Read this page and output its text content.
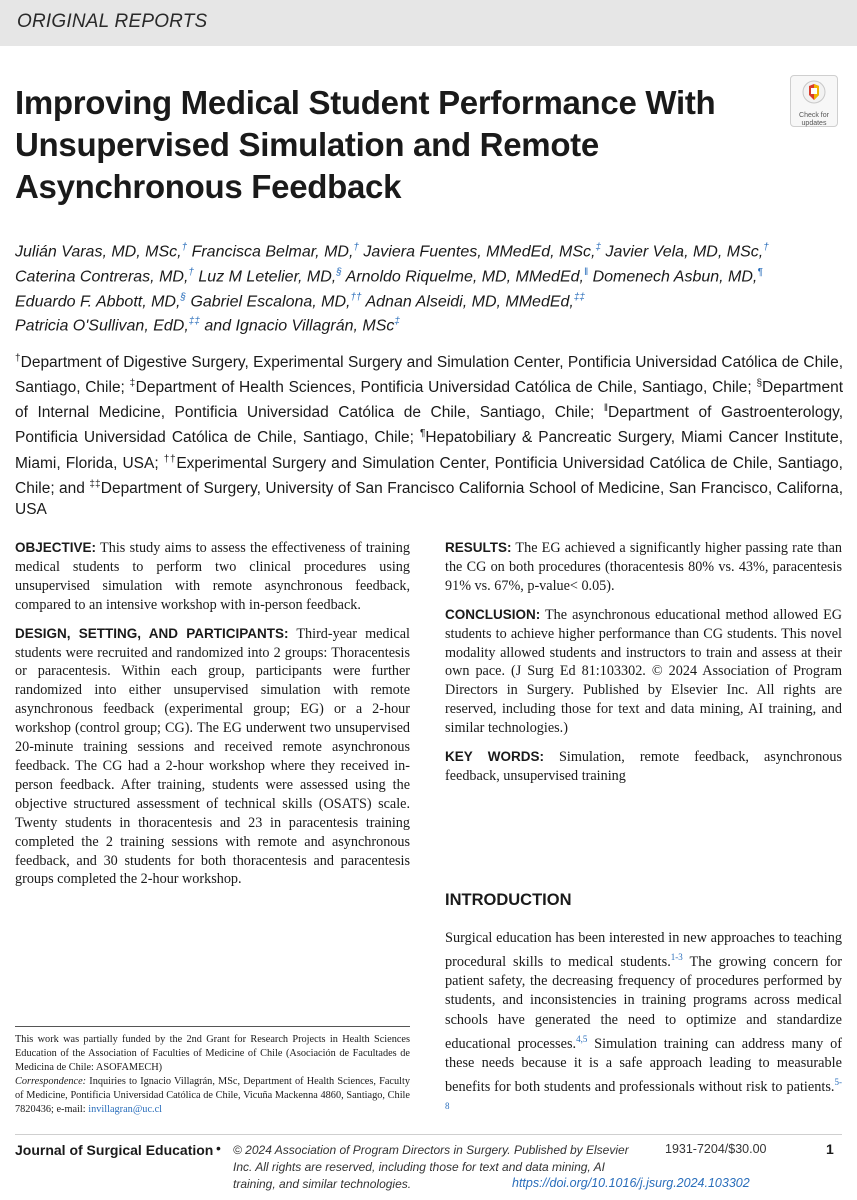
ORIGINAL REPORTS
Improving Medical Student Performance With Unsupervised Simulation and Remote Asynchronous Feedback
Check for
updates
Julián Varas, MD, MSc,† Francisca Belmar, MD,† Javiera Fuentes, MMedEd, MSc,‡ Javier Vela, MD, MSc,†
Caterina Contreras, MD,† Luz M Letelier, MD,§ Arnoldo Riquelme, MD, MMedEd,‖ Domenech Asbun, MD,¶
Eduardo F. Abbott, MD,§ Gabriel Escalona, MD,†† Adnan Alseidi, MD, MMedEd,‡‡
Patricia O'Sullivan, EdD,‡‡ and Ignacio Villagrán, MSc‡
†Department of Digestive Surgery, Experimental Surgery and Simulation Center, Pontificia Universidad Católica de Chile, Santiago, Chile; ‡Department of Health Sciences, Pontificia Universidad Católica de Chile, Santiago, Chile; §Department of Internal Medicine, Pontificia Universidad Católica de Chile, Santiago, Chile; ‖Department of Gastroenterology, Pontificia Universidad Católica de Chile, Santiago, Chile; ¶Hepatobiliary & Pancreatic Surgery, Miami Cancer Institute, Miami, Florida, USA; ††Experimental Surgery and Simulation Center, Pontificia Universidad Católica de Chile, Santiago, Chile; and ‡‡Department of Surgery, University of San Francisco California School of Medicine, San Francisco, Californa, USA

OBJECTIVE: This study aims to assess the effectiveness of training medical students to perform two clinical procedures using unsupervised simulation with remote asynchronous feedback, compared to an intensive workshop with in-person feedback.

DESIGN, SETTING, AND PARTICIPANTS: Third-year medical students were recruited and randomized into 2 groups: Thoracentesis or paracentesis. Within each group, participants were further randomized into either unsupervised simulation with remote asynchronous feedback (experimental group; EG) or a 2-hour workshop (control group; CG). The EG underwent two unsupervised 20-minute training sessions and received remote asynchronous feedback. The CG had a 2-hour workshop where they received in-person feedback. After training, students were assessed using the objective structured assessment of technical skills (OSATS) scale. Twenty students in thoracentesis and 23 in paracentesis training completed the 2 training sessions with remote and asynchronous feedback, and 30 students for both thoracentesis and paracentesis groups completed the 2-hour workshop.

RESULTS: The EG achieved a significantly higher passing rate than the CG on both procedures (thoracentesis 80% vs. 43%, paracentesis 91% vs. 67%, p-value< 0.05).

CONCLUSION: The asynchronous educational method allowed EG students to achieve higher performance than CG students. This novel modality allowed students and instructors to train and assess at their own pace. (J Surg Ed 81:103302. © 2024 Association of Program Directors in Surgery. Published by Elsevier Inc. All rights are reserved, including those for text and data mining, AI training, and similar technologies.)

KEY WORDS: Simulation, remote feedback, asynchronous feedback, unsupervised training

INTRODUCTION

Surgical education has been interested in new approaches to teaching procedural skills to medical students.$^{1-3}$ The growing concern for patient safety, the decreasing frequency of procedures performed by students, and inconsistencies in training programs across medical schools have generated the need to optimize and standardize educational processes.$^{4,5}$ Simulation training can address many of these needs because it is a safe approach leading to measurable benefits for both students and professionals without risk to patients.$^{5-8}$

This work was partially funded by the 2nd Grant for Research Projects in Health Sciences Education of the Association of Faculties of Medicine of Chile (Asociación de Facultades de Medicina de Chile: ASOFAMECH)
Correspondence: Inquiries to Ignacio Villagrán, MSc, Department of Health Sciences, Faculty of Medicine, Pontificia Universidad Católica de Chile, Vicuña Mackenna 4860, Santiago, Chile 7820436; e-mail: invillagran@uc.cl
Journal of Surgical Education • © 2024 Association of Program Directors in Surgery. Published by Elsevier Inc. All rights are reserved, including those for text and data mining, AI training, and similar technologies.
1931-7204/$30.00
https://doi.org/10.1016/j.jsurg.2024.103302
1
